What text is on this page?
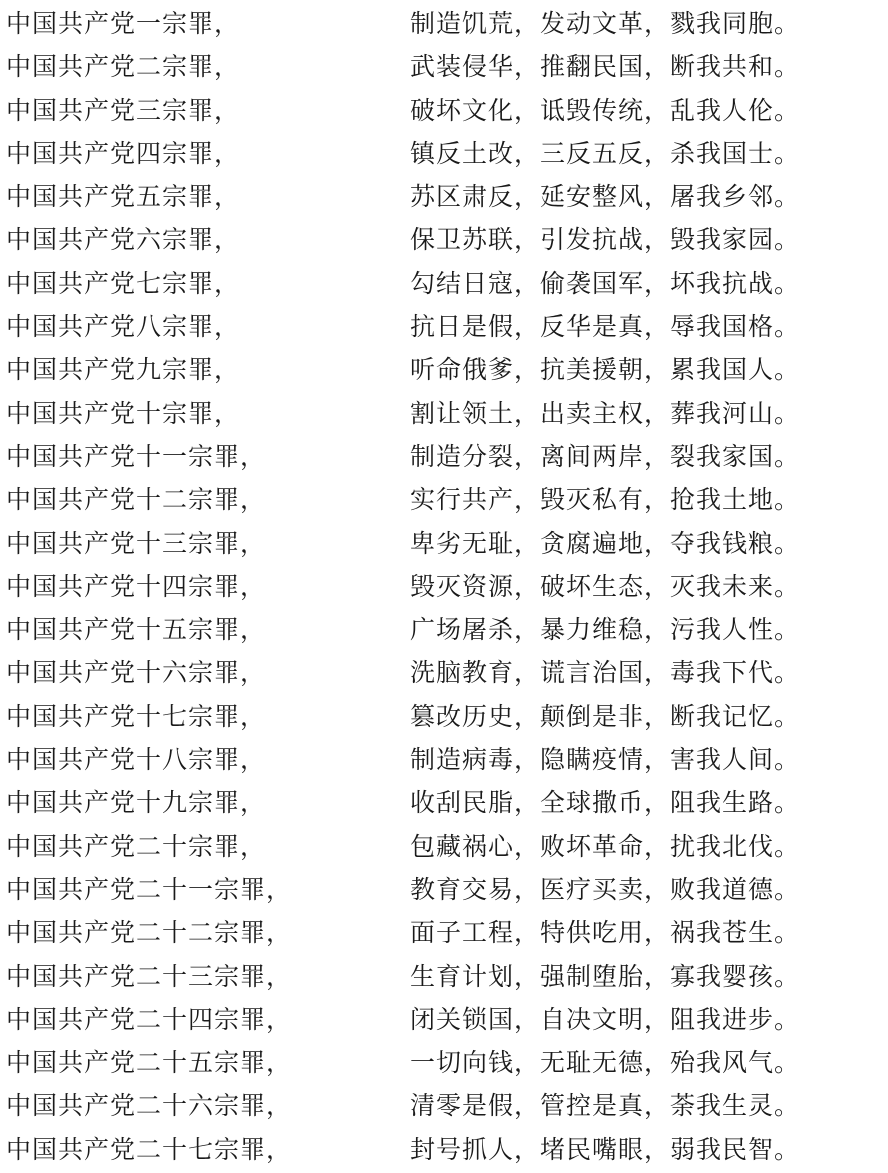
中国共产党一宗罪，	制造饥荒，发动文革，戮我同胞。
中国共产党二宗罪，	武装侵华，推翻民国，断我共和。
中国共产党三宗罪，	破坏文化，诋毁传统，乱我人伦。
中国共产党四宗罪，	镇反土改，三反五反，杀我国士。
中国共产党五宗罪，	苏区肃反，延安整风，屠我乡邻。
中国共产党六宗罪，	保卫苏联，引发抗战，毁我家园。
中国共产党七宗罪，	勾结日寇，偷袭国军，坏我抗战。
中国共产党八宗罪，	抗日是假，反华是真，辱我国格。
中国共产党九宗罪，	听命俄爹，抗美援朝，累我国人。
中国共产党十宗罪，	割让领土，出卖主权，葬我河山。
中国共产党十一宗罪，	制造分裂，离间两岸，裂我家国。
中国共产党十二宗罪，	实行共产，毁灭私有，抢我土地。
中国共产党十三宗罪，	卑劣无耻，贪腐遍地，夺我钱粮。
中国共产党十四宗罪，	毁灭资源，破坏生态，灭我未来。
中国共产党十五宗罪，	广场屠杀，暴力维稳，污我人性。
中国共产党十六宗罪，	洗脑教育，谎言治国，毒我下代。
中国共产党十七宗罪，	篡改历史，颠倒是非，断我记忆。
中国共产党十八宗罪，	制造病毒，隐瞒疫情，害我人间。
中国共产党十九宗罪，	收刮民脂，全球撒币，阻我生路。
中国共产党二十宗罪，	包藏祸心，败坏革命，扰我北伐。
中国共产党二十一宗罪，	教育交易，医疗买卖，败我道德。
中国共产党二十二宗罪，	面子工程，特供吃用，祸我苍生。
中国共产党二十三宗罪，	生育计划，强制堕胎，寡我婴孩。
中国共产党二十四宗罪，	闭关锁国，自决文明，阻我进步。
中国共产党二十五宗罪，	一切向钱，无耻无德，殆我风气。
中国共产党二十六宗罪，	清零是假，管控是真，荼我生灵。
中国共产党二十七宗罪，	封号抓人，堵民嘴眼，弱我民智。
